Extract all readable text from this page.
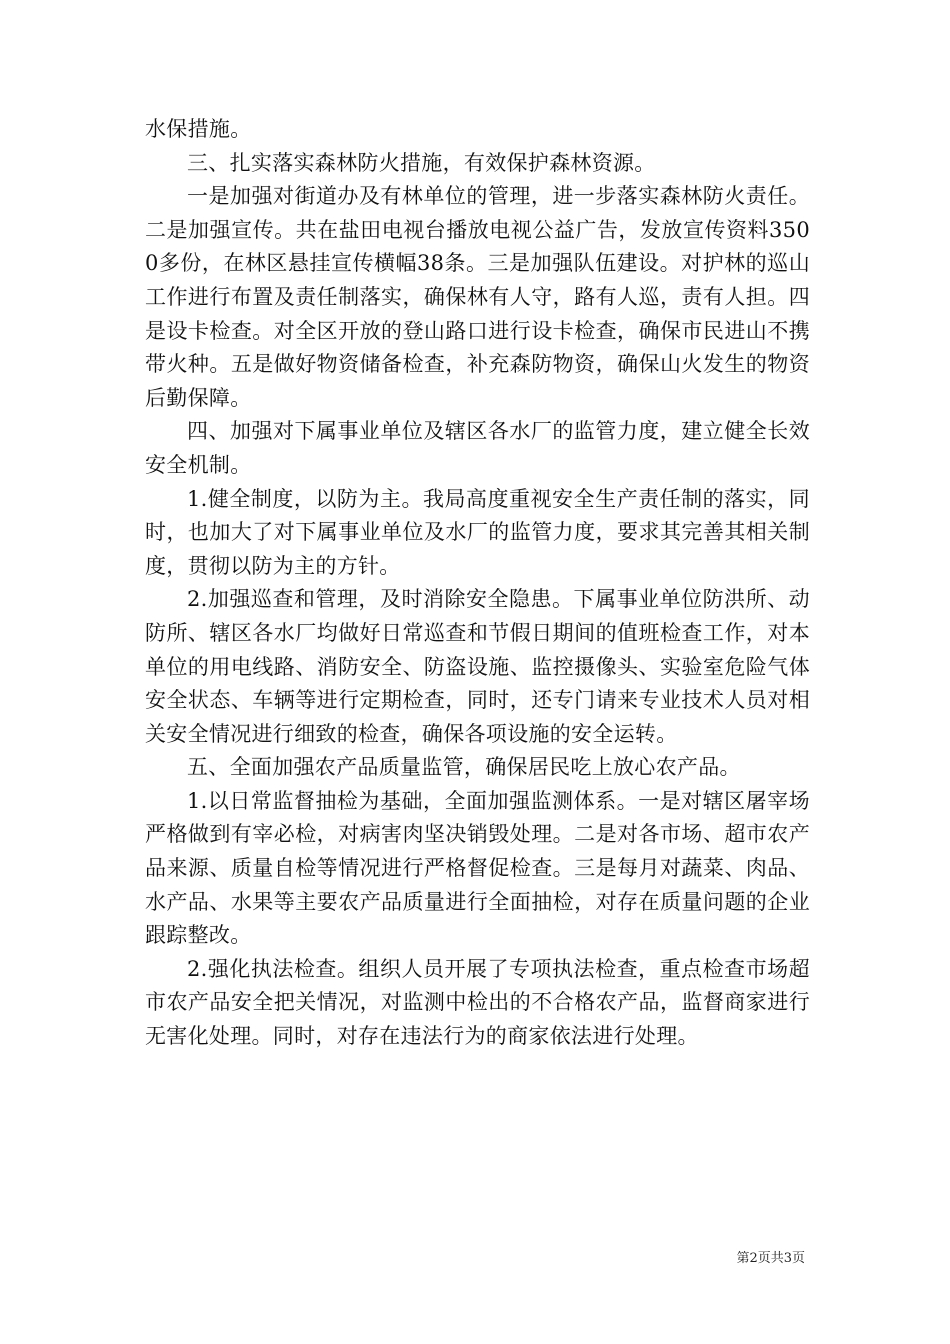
水保措施。

三、扎实落实森林防火措施，有效保护森林资源。

一是加强对街道办及有林单位的管理，进一步落实森林防火责任。二是加强宣传。共在盐田电视台播放电视公益广告，发放宣传资料3500多份，在林区悬挂宣传横幅38条。三是加强队伍建设。对护林的巡山工作进行布置及责任制落实，确保林有人守，路有人巡，责有人担。四是设卡检查。对全区开放的登山路口进行设卡检查，确保市民进山不携带火种。五是做好物资储备检查，补充森防物资，确保山火发生的物资后勤保障。

四、加强对下属事业单位及辖区各水厂的监管力度，建立健全长效安全机制。

1.健全制度，以防为主。我局高度重视安全生产责任制的落实，同时，也加大了对下属事业单位及水厂的监管力度，要求其完善其相关制度，贯彻以防为主的方针。

2.加强巡查和管理，及时消除安全隐患。下属事业单位防洪所、动防所、辖区各水厂均做好日常巡查和节假日期间的值班检查工作，对本单位的用电线路、消防安全、防盗设施、监控摄像头、实验室危险气体安全状态、车辆等进行定期检查，同时，还专门请来专业技术人员对相关安全情况进行细致的检查，确保各项设施的安全运转。

五、全面加强农产品质量监管，确保居民吃上放心农产品。

1.以日常监督抽检为基础，全面加强监测体系。一是对辖区屠宰场严格做到有宰必检，对病害肉坚决销毁处理。二是对各市场、超市农产品来源、质量自检等情况进行严格督促检查。三是每月对蔬菜、肉品、水产品、水果等主要农产品质量进行全面抽检，对存在质量问题的企业跟踪整改。

2.强化执法检查。组织人员开展了专项执法检查，重点检查市场超市农产品安全把关情况，对监测中检出的不合格农产品，监督商家进行无害化处理。同时，对存在违法行为的商家依法进行处理。

第2页共3页
